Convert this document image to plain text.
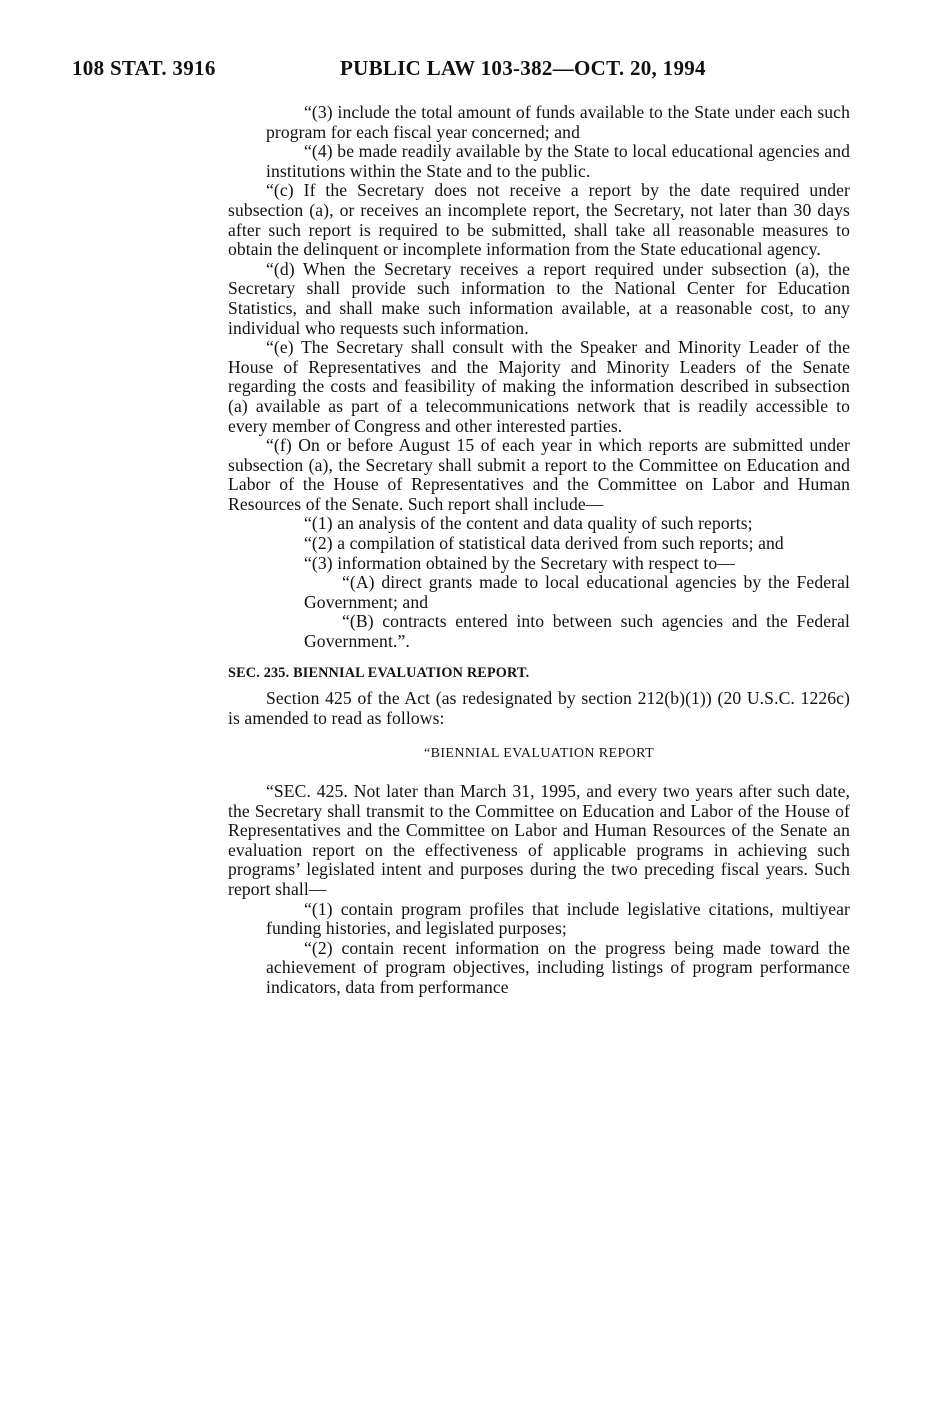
108 STAT. 3916	PUBLIC LAW 103-382—OCT. 20, 1994

“(3) include the total amount of funds available to the State under each such program for each fiscal year concerned; and

“(4) be made readily available by the State to local educational agencies and institutions within the State and to the public.

“(c) If the Secretary does not receive a report by the date required under subsection (a), or receives an incomplete report, the Secretary, not later than 30 days after such report is required to be submitted, shall take all reasonable measures to obtain the delinquent or incomplete information from the State educational agency.

“(d) When the Secretary receives a report required under subsection (a), the Secretary shall provide such information to the National Center for Education Statistics, and shall make such information available, at a reasonable cost, to any individual who requests such information.

“(e) The Secretary shall consult with the Speaker and Minority Leader of the House of Representatives and the Majority and Minority Leaders of the Senate regarding the costs and feasibility of making the information described in subsection (a) available as part of a telecommunications network that is readily accessible to every member of Congress and other interested parties.

“(f) On or before August 15 of each year in which reports are submitted under subsection (a), the Secretary shall submit a report to the Committee on Education and Labor of the House of Representatives and the Committee on Labor and Human Resources of the Senate. Such report shall include—

“(1) an analysis of the content and data quality of such reports;

“(2) a compilation of statistical data derived from such reports; and

“(3) information obtained by the Secretary with respect to—

“(A) direct grants made to local educational agencies by the Federal Government; and

“(B) contracts entered into between such agencies and the Federal Government.”.

SEC. 235. BIENNIAL EVALUATION REPORT.

Section 425 of the Act (as redesignated by section 212(b)(1)) (20 U.S.C. 1226c) is amended to read as follows:

“BIENNIAL EVALUATION REPORT

“SEC. 425. Not later than March 31, 1995, and every two years after such date, the Secretary shall transmit to the Committee on Education and Labor of the House of Representatives and the Committee on Labor and Human Resources of the Senate an evaluation report on the effectiveness of applicable programs in achieving such programs’ legislated intent and purposes during the two preceding fiscal years. Such report shall—

“(1) contain program profiles that include legislative citations, multiyear funding histories, and legislated purposes;

“(2) contain recent information on the progress being made toward the achievement of program objectives, including listings of program performance indicators, data from performance
